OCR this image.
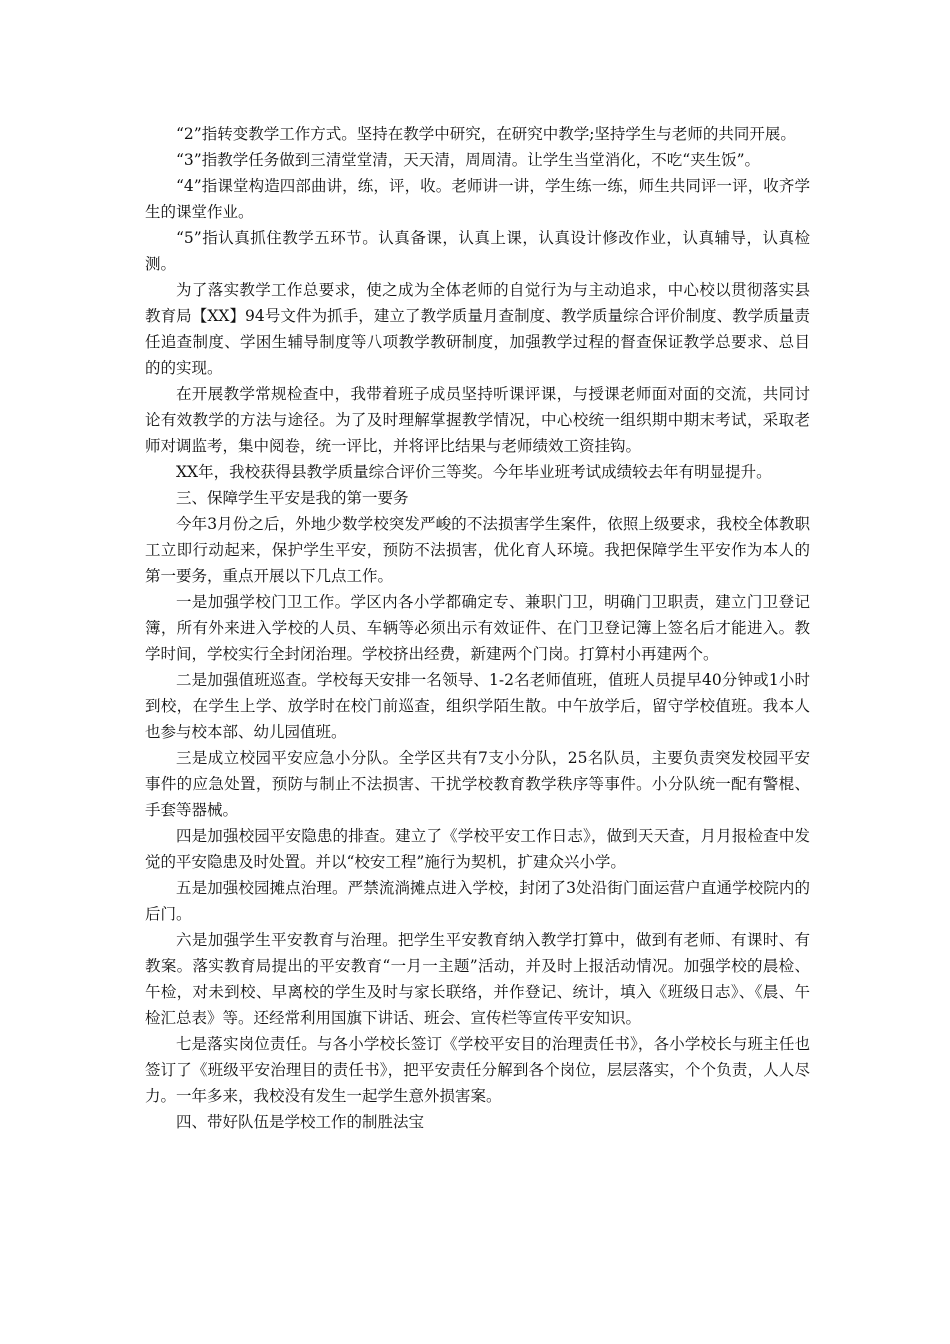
“2”指转变教学工作方式。坚持在教学中研究，在研究中教学;坚持学生与老师的共同开展。

“3”指教学任务做到三清堂堂清，天天清，周周清。让学生当堂消化，不吃“夹生饭”。

“4”指课堂构造四部曲讲，练，评，收。老师讲一讲，学生练一练，师生共同评一评，收齐学生的课堂作业。

“5”指认真抓住教学五环节。认真备课，认真上课，认真设计修改作业，认真辅导，认真检测。

为了落实教学工作总要求，使之成为全体老师的自觉行为与主动追求，中心校以贯彻落实县教育局【XX】94号文件为抓手，建立了教学质量月查制度、教学质量综合评价制度、教学质量责任追查制度、学困生辅导制度等八项教学教研制度，加强教学过程的督查保证教学总要求、总目的的实现。

在开展教学常规检查中，我带着班子成员坚持听课评课，与授课老师面对面的交流，共同讨论有效教学的方法与途径。为了及时理解掌握教学情况，中心校统一组织期中期末考试，采取老师对调监考，集中阅卷，统一评比，并将评比结果与老师绩效工资挂钩。

XX年，我校获得县教学质量综合评价三等奖。今年毕业班考试成绩较去年有明显提升。

三、保障学生平安是我的第一要务

今年3月份之后，外地少数学校突发严峻的不法损害学生案件，依照上级要求，我校全体教职工立即行动起来，保护学生平安，预防不法损害，优化育人环境。我把保障学生平安作为本人的第一要务，重点开展以下几点工作。

一是加强学校门卫工作。学区内各小学都确定专、兼职门卫，明确门卫职责，建立门卫登记簿，所有外来进入学校的人员、车辆等必须出示有效证件、在门卫登记簿上签名后才能进入。教学时间，学校实行全封闭治理。学校挤出经费，新建两个门岗。打算村小再建两个。

二是加强值班巡查。学校每天安排一名领导、1-2名老师值班，值班人员提早40分钟或1小时到校，在学生上学、放学时在校门前巡查，组织学陌生散。中午放学后，留守学校值班。我本人也参与校本部、幼儿园值班。

三是成立校园平安应急小分队。全学区共有7支小分队，25名队员，主要负责突发校园平安事件的应急处置，预防与制止不法损害、干扰学校教育教学秩序等事件。小分队统一配有警棍、手套等器械。

四是加强校园平安隐患的排查。建立了《学校平安工作日志》，做到天天查，月月报检查中发觉的平安隐患及时处置。并以“校安工程”施行为契机，扩建众兴小学。

五是加强校园摊点治理。严禁流淌摊点进入学校，封闭了3处沿街门面运营户直通学校院内的后门。

六是加强学生平安教育与治理。把学生平安教育纳入教学打算中，做到有老师、有课时、有教案。落实教育局提出的平安教育“一月一主题”活动，并及时上报活动情况。加强学校的晨检、午检，对未到校、早离校的学生及时与家长联络，并作登记、统计，填入《班级日志》、《晨、午检汇总表》等。还经常利用国旗下讲话、班会、宣传栏等宣传平安知识。

七是落实岗位责任。与各小学校长签订《学校平安目的治理责任书》，各小学校长与班主任也签订了《班级平安治理目的责任书》，把平安责任分解到各个岗位，层层落实，个个负责，人人尽力。一年多来，我校没有发生一起学生意外损害案。

四、带好队伍是学校工作的制胜法宝
